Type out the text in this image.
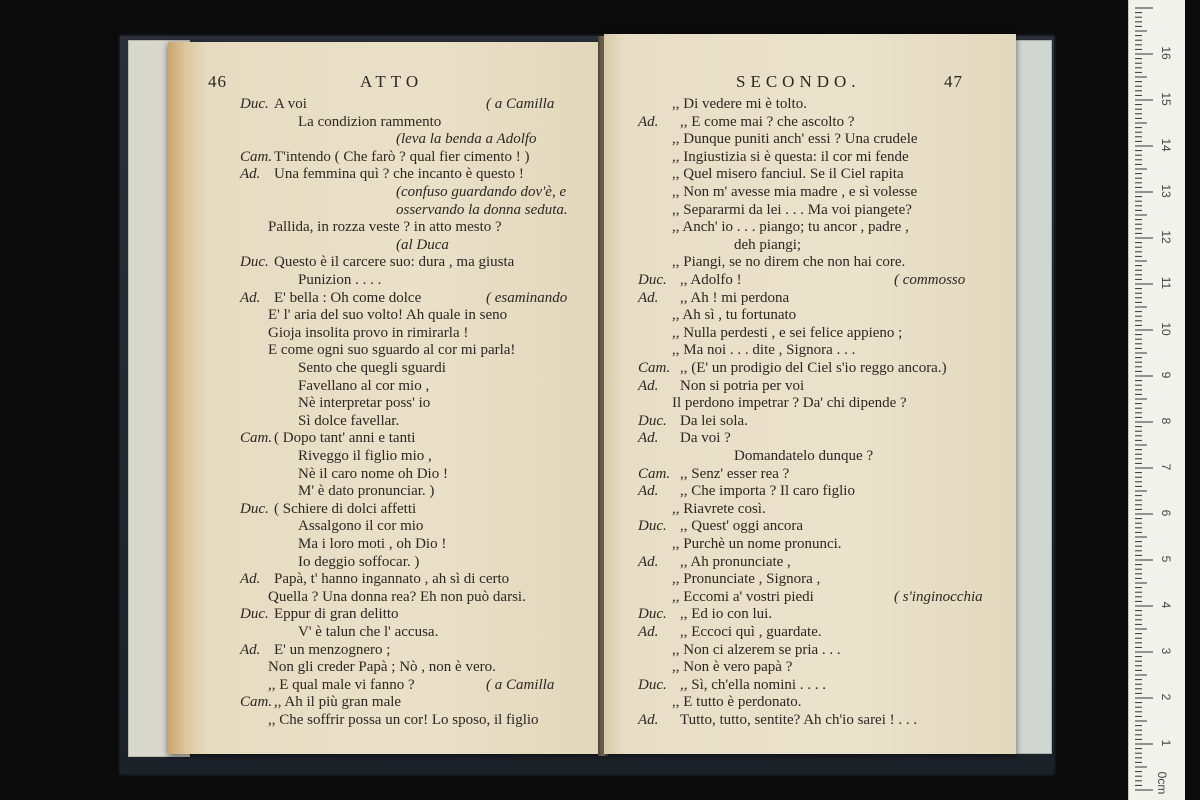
46	ATTO
Duc. A voi	( a Camilla
La condizion rammento
(leva la benda a Adolfo
Cam. T'intendo ( Che farò ? qual fier cimento ! )
Ad. Una femmina quì ? che incanto è questo !
(confuso guardando dov'è, e
osservando la donna seduta.
Pallida, in rozza veste ? in atto mesto ?
(al Duca
Duc. Questo è il carcere suo: dura , ma giusta
Punizion . . . .
Ad. E' bella : Oh come dolce	( esaminando
E' l' aria del suo volto! Ah quale in seno
Gioja insolita provo in rimirarla !
E come ogni suo sguardo al cor mi parla!
Sento che quegli sguardi
Favellano al cor mio ,
Nè interpretar poss' io
Sì dolce favellar.
Cam. ( Dopo tant' anni e tanti
Riveggo il figlio mio ,
Nè il caro nome oh Dio !
M' è dato pronunciar. )
Duc. ( Schiere di dolci affetti
Assalgono il cor mio
Ma i loro moti , oh Dio !
Io deggio soffocar. )
Ad. Papà, t' hanno ingannato , ah sì di certo
Quella ? Una donna rea? Eh non può darsi.
Duc. Eppur di gran delitto
V' è talun che l' accusa.
Ad. E' un menzognero ;
Non gli creder Papà ; Nò , non è vero.
,, E qual male vi fanno ?	( a Camilla
Cam. ,, Ah il più gran male
,, Che soffrir possa un cor! Lo sposo, il figlio
SECONDO.	47
,, Di vedere mi è tolto.
Ad. ,, E come mai ? che ascolto ?
,, Dunque puniti anch' essi ? Una crudele
,, Ingiustizia si è questa: il cor mi fende
,, Quel misero fanciul. Se il Ciel rapita
,, Non m' avesse mia madre , e sì volesse
,, Separarmi da lei . . . Ma voi piangete?
,, Anch' io . . . piango; tu ancor , padre ,
deh piangi;
,, Piangi, se no direm che non hai core.
Duc. ,, Adolfo !	( commosso
Ad. ,, Ah ! mi perdona
,, Ah sì , tu fortunato
,, Nulla perdesti , e sei felice appieno ;
,, Ma noi . . . dite , Signora . . .
Cam. ,, (E' un prodigio del Ciel s'io reggo ancora.)
Ad. Non si potria per voi
Il perdono impetrar ? Da' chi dipende ?
Duc. Da lei sola.
Ad. Da voi ?
Domandatelo dunque ?
Cam. ,, Senz' esser rea ?
Ad. ,, Che importa ? Il caro figlio
,, Riavrete così.
Duc. ,, Quest' oggi ancora
,, Purchè un nome pronunci.
Ad. ,, Ah pronunciate ,
,, Pronunciate , Signora ,
,, Eccomi a' vostri piedi	( s'inginocchia
Duc. ,, Ed io con lui.
Ad. ,, Eccoci quì , guardate.
,, Non ci alzerem se pria . . .
,, Non è vero papà ?
Duc. ,, Sì, ch'ella nomini . . . .
,, E tutto è perdonato.
Ad. Tutto, tutto, sentite? Ah ch'io sarei ! . . .
0cm
1
2
3
4
5
6
7
8
9
10
11
12
13
14
15
16
